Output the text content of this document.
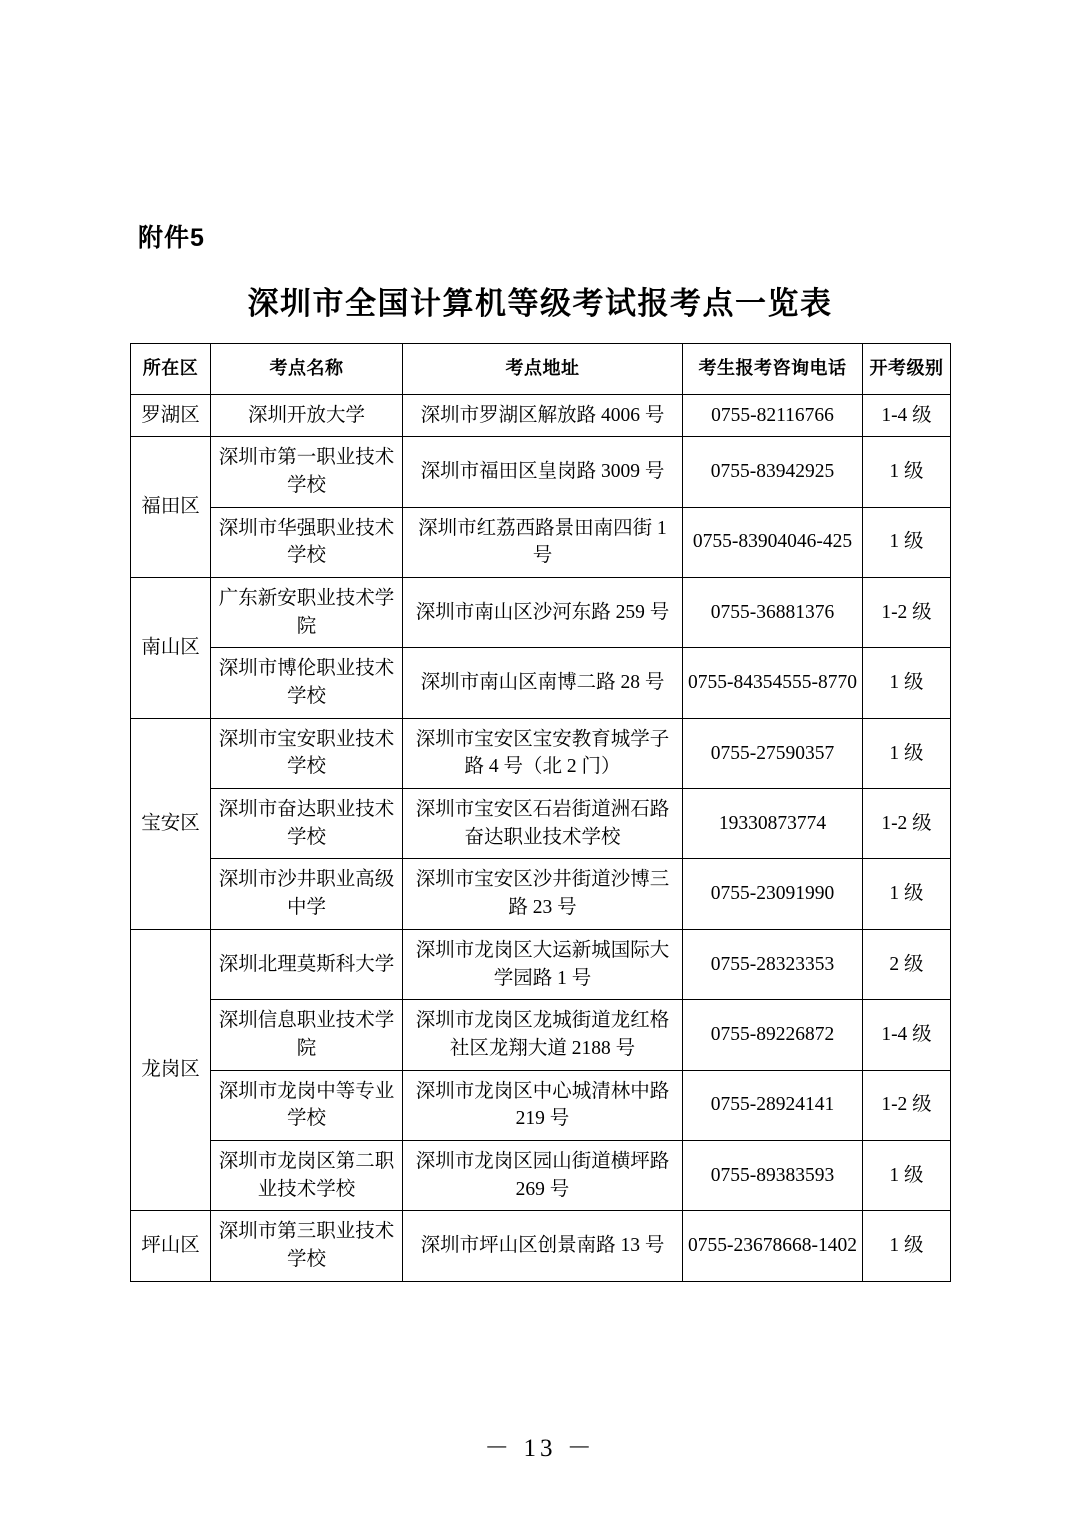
附件5
深圳市全国计算机等级考试报考点一览表
所在区	考点名称	考点地址	考生报考咨询电话	开考级别
罗湖区	深圳开放大学	深圳市罗湖区解放路 4006 号	0755-82116766	1-4 级
福田区	深圳市第一职业技术学校	深圳市福田区皇岗路 3009 号	0755-83942925	1 级
	深圳市华强职业技术学校	深圳市红荔西路景田南四街 1 号	0755-83904046-425	1 级
南山区	广东新安职业技术学院	深圳市南山区沙河东路 259 号	0755-36881376	1-2 级
	深圳市博伦职业技术学校	深圳市南山区南博二路 28 号	0755-84354555-8770	1 级
宝安区	深圳市宝安职业技术学校	深圳市宝安区宝安教育城学子路 4 号（北 2 门）	0755-27590357	1 级
	深圳市奋达职业技术学校	深圳市宝安区石岩街道洲石路奋达职业技术学校	19330873774	1-2 级
	深圳市沙井职业高级中学	深圳市宝安区沙井街道沙博三路 23 号	0755-23091990	1 级
龙岗区	深圳北理莫斯科大学	深圳市龙岗区大运新城国际大学园路 1 号	0755-28323353	2 级
	深圳信息职业技术学院	深圳市龙岗区龙城街道龙红格社区龙翔大道 2188 号	0755-89226872	1-4 级
	深圳市龙岗中等专业学校	深圳市龙岗区中心城清林中路 219 号	0755-28924141	1-2 级
	深圳市龙岗区第二职业技术学校	深圳市龙岗区园山街道横坪路 269 号	0755-89383593	1 级
坪山区	深圳市第三职业技术学校	深圳市坪山区创景南路 13 号	0755-23678668-1402	1 级
－ 13 －
